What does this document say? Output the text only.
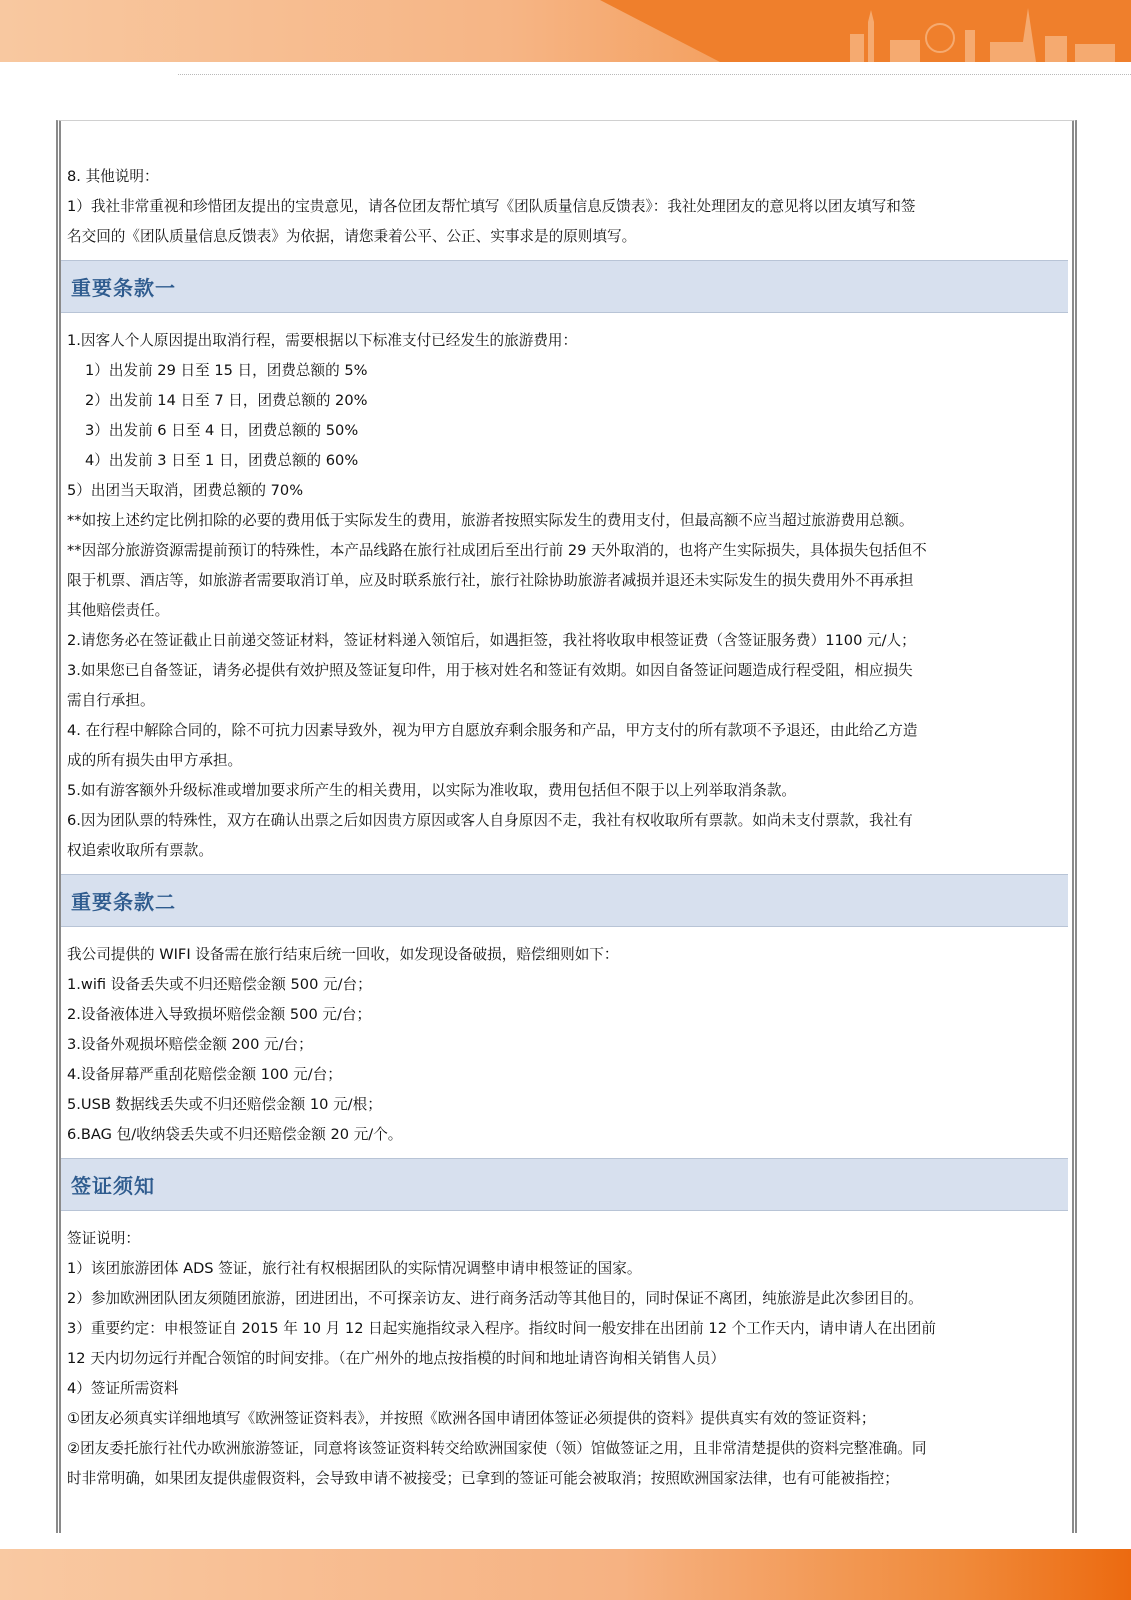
8. 其他说明：

1）我社非常重视和珍惜团友提出的宝贵意见，请各位团友帮忙填写《团队质量信息反馈表》：我社处理团友的意见将以团友填写和签

名交回的《团队质量信息反馈表》为依据，请您秉着公平、公正、实事求是的原则填写。

重要条款一

1.因客人个人原因提出取消行程，需要根据以下标准支付已经发生的旅游费用：

1）出发前 29 日至 15 日，团费总额的 5%

2）出发前 14 日至 7 日，团费总额的 20%

3）出发前 6 日至 4 日，团费总额的 50%

4）出发前 3 日至 1 日，团费总额的 60%

5）出团当天取消，团费总额的 70%

**如按上述约定比例扣除的必要的费用低于实际发生的费用，旅游者按照实际发生的费用支付，但最高额不应当超过旅游费用总额。

**因部分旅游资源需提前预订的特殊性，本产品线路在旅行社成团后至出行前 29 天外取消的，也将产生实际损失，具体损失包括但不

限于机票、酒店等，如旅游者需要取消订单，应及时联系旅行社，旅行社除协助旅游者减损并退还未实际发生的损失费用外不再承担

其他赔偿责任。

2.请您务必在签证截止日前递交签证材料，签证材料递入领馆后，如遇拒签，我社将收取申根签证费（含签证服务费）1100 元/人；

3.如果您已自备签证，请务必提供有效护照及签证复印件，用于核对姓名和签证有效期。如因自备签证问题造成行程受阻，相应损失

需自行承担。

4. 在行程中解除合同的，除不可抗力因素导致外，视为甲方自愿放弃剩余服务和产品，甲方支付的所有款项不予退还，由此给乙方造

成的所有损失由甲方承担。

5.如有游客额外升级标准或增加要求所产生的相关费用，以实际为准收取，费用包括但不限于以上列举取消条款。

6.因为团队票的特殊性，双方在确认出票之后如因贵方原因或客人自身原因不走，我社有权收取所有票款。如尚未支付票款，我社有

权追索收取所有票款。

重要条款二

我公司提供的 WIFI 设备需在旅行结束后统一回收，如发现设备破损，赔偿细则如下：

1.wifi 设备丢失或不归还赔偿金额 500 元/台；

2.设备液体进入导致损坏赔偿金额 500 元/台；

3.设备外观损坏赔偿金额 200 元/台；

4.设备屏幕严重刮花赔偿金额 100 元/台；

5.USB 数据线丢失或不归还赔偿金额 10 元/根；

6.BAG 包/收纳袋丢失或不归还赔偿金额 20 元/个。

签证须知

签证说明：

1）该团旅游团体 ADS 签证，旅行社有权根据团队的实际情况调整申请申根签证的国家。

2）参加欧洲团队团友须随团旅游，团进团出，不可探亲访友、进行商务活动等其他目的，同时保证不离团，纯旅游是此次参团目的。

3）重要约定：申根签证自 2015 年 10 月 12 日起实施指纹录入程序。指纹时间一般安排在出团前 12 个工作天内，请申请人在出团前

12 天内切勿远行并配合领馆的时间安排。（在广州外的地点按指模的时间和地址请咨询相关销售人员）

4）签证所需资料

①团友必须真实详细地填写《欧洲签证资料表》，并按照《欧洲各国申请团体签证必须提供的资料》提供真实有效的签证资料；

②团友委托旅行社代办欧洲旅游签证，同意将该签证资料转交给欧洲国家使（领）馆做签证之用，且非常清楚提供的资料完整准确。同

时非常明确，如果团友提供虚假资料，会导致申请不被接受；已拿到的签证可能会被取消；按照欧洲国家法律，也有可能被指控；
